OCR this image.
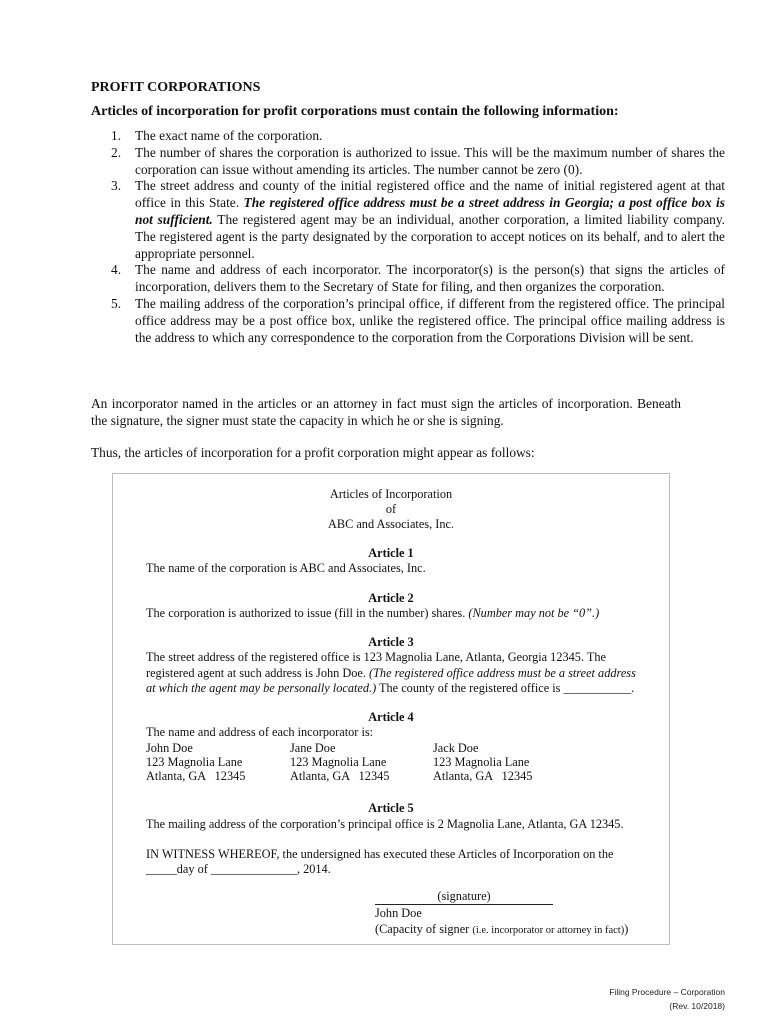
PROFIT CORPORATIONS
Articles of incorporation for profit corporations must contain the following information:
1. The exact name of the corporation.
2. The number of shares the corporation is authorized to issue. This will be the maximum number of shares the corporation can issue without amending its articles. The number cannot be zero (0).
3. The street address and county of the initial registered office and the name of initial registered agent at that office in this State. The registered office address must be a street address in Georgia; a post office box is not sufficient. The registered agent may be an individual, another corporation, a limited liability company. The registered agent is the party designated by the corporation to accept notices on its behalf, and to alert the appropriate personnel.
4. The name and address of each incorporator. The incorporator(s) is the person(s) that signs the articles of incorporation, delivers them to the Secretary of State for filing, and then organizes the corporation.
5. The mailing address of the corporation’s principal office, if different from the registered office. The principal office address may be a post office box, unlike the registered office. The principal office mailing address is the address to which any correspondence to the corporation from the Corporations Division will be sent.

An incorporator named in the articles or an attorney in fact must sign the articles of incorporation. Beneath the signature, the signer must state the capacity in which he or she is signing.

Thus, the articles of incorporation for a profit corporation might appear as follows:

Articles of Incorporation
of
ABC and Associates, Inc.
Article 1
The name of the corporation is ABC and Associates, Inc.
Article 2
The corporation is authorized to issue (fill in the number) shares. (Number may not be “0”.)
Article 3
The street address of the registered office is 123 Magnolia Lane, Atlanta, Georgia 12345. The
registered agent at such address is John Doe. (The registered office address must be a street address
at which the agent may be personally located.) The county of the registered office is ___________.
Article 4
The name and address of each incorporator is:
John Doe
123 Magnolia Lane
Atlanta, GA   12345
Jane Doe
123 Magnolia Lane
Atlanta, GA   12345
Jack Doe
123 Magnolia Lane
Atlanta, GA   12345
Article 5
The mailing address of the corporation’s principal office is 2 Magnolia Lane, Atlanta, GA 12345.
IN WITNESS WHEREOF, the undersigned has executed these Articles of Incorporation on the
_____day of ______________, 2014.
(signature)
John Doe
(Capacity of signer (i.e. incorporator or attorney in fact))
Filing Procedure – Corporation
(Rev. 10/2018)
